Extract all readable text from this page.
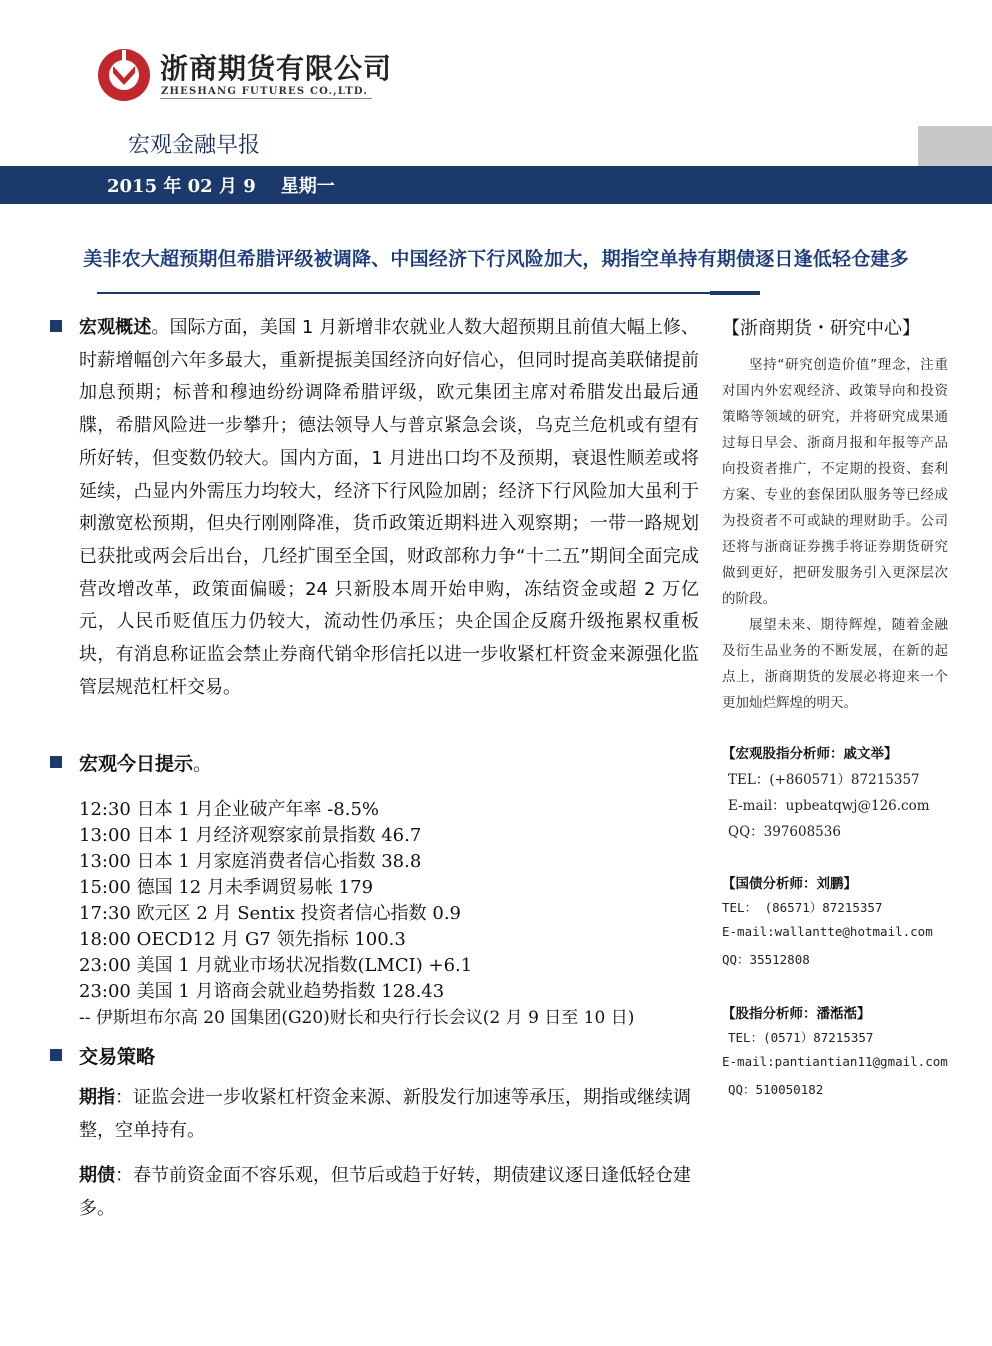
浙商期货有限公司
ZHESHANG FUTURES CO.,LTD.
宏观金融早报
2015 年 02 月 9    星期一
美非农大超预期但希腊评级被调降、中国经济下行风险加大，期指空单持有期债逐日逢低轻仓建多
宏观概述。国际方面，美国 1 月新增非农就业人数大超预期且前值大幅上修、时薪增幅创六年多最大，重新提振美国经济向好信心，但同时提高美联储提前加息预期；标普和穆迪纷纷调降希腊评级，欧元集团主席对希腊发出最后通牒，希腊风险进一步攀升；德法领导人与普京紧急会谈，乌克兰危机或有望有所好转，但变数仍较大。国内方面，1 月进出口均不及预期，衰退性顺差或将延续，凸显内外需压力均较大，经济下行风险加剧；经济下行风险加大虽利于刺激宽松预期，但央行刚刚降准，货币政策近期料进入观察期；一带一路规划已获批或两会后出台，几经扩围至全国，财政部称力争“十二五”期间全面完成营改增改革，政策面偏暖；24 只新股本周开始申购，冻结资金或超 2 万亿元，人民币贬值压力仍较大，流动性仍承压；央企国企反腐升级拖累权重板块，有消息称证监会禁止券商代销伞形信托以进一步收紧杠杆资金来源强化监管层规范杠杆交易。
宏观今日提示。
12:30 日本 1 月企业破产年率 -8.5%
13:00 日本 1 月经济观察家前景指数 46.7
13:00 日本 1 月家庭消费者信心指数 38.8
15:00 德国 12 月未季调贸易帐 179
17:30 欧元区 2 月 Sentix 投资者信心指数 0.9
18:00 OECD12 月 G7 领先指标 100.3
23:00 美国 1 月就业市场状况指数(LMCI) +6.1
23:00 美国 1 月谘商会就业趋势指数 128.43
-- 伊斯坦布尔高 20 国集团(G20)财长和央行行长会议(2 月 9 日至 10 日)
交易策略
期指：证监会进一步收紧杠杆资金来源、新股发行加速等承压，期指或继续调整，空单持有。
期债：春节前资金面不容乐观，但节后或趋于好转，期债建议逐日逢低轻仓建多。
【浙商期货・研究中心】
坚持“研究创造价值”理念，注重对国内外宏观经济、政策导向和投资策略等领域的研究，并将研究成果通过每日早会、浙商月报和年报等产品向投资者推广，不定期的投资、套利方案、专业的套保团队服务等已经成为投资者不可或缺的理财助手。公司还将与浙商证券携手将证券期货研究做到更好，把研发服务引入更深层次的阶段。
展望未来、期待辉煌，随着金融及衍生品业务的不断发展，在新的起点上，浙商期货的发展必将迎来一个更加灿烂辉煌的明天。
【宏观股指分析师：戚文举】
TEL：(+860571）87215357
E-mail：upbeatqwj@126.com
QQ：397608536
【国债分析师：刘鹏】
TEL： (86571）87215357
E-mail:wallantte@hotmail.com
QQ：35512808
【股指分析师：潘湉湉】
TEL：(0571）87215357
E-mail:pantiantian11@gmail.com
QQ：510050182
